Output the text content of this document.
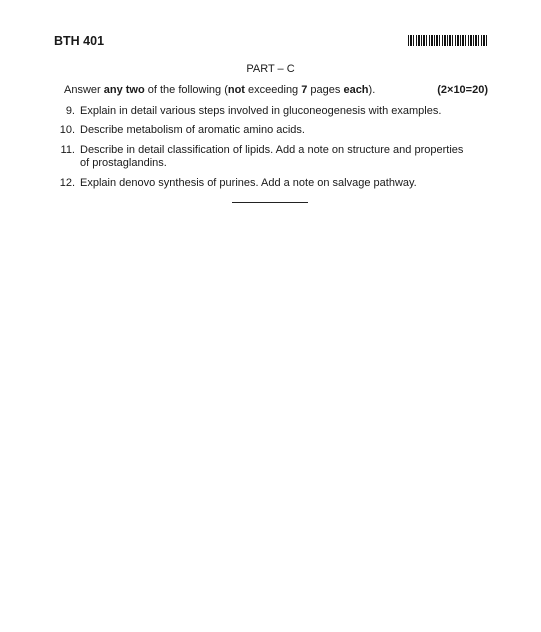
BTH 401
PART – C
Answer any two of the following (not exceeding 7 pages each).	(2×10=20)
9. Explain in detail various steps involved in gluconeogenesis with examples.
10. Describe metabolism of aromatic amino acids.
11. Describe in detail classification of lipids. Add a note on structure and properties
of prostaglandins.
12. Explain denovo synthesis of purines. Add a note on salvage pathway.
